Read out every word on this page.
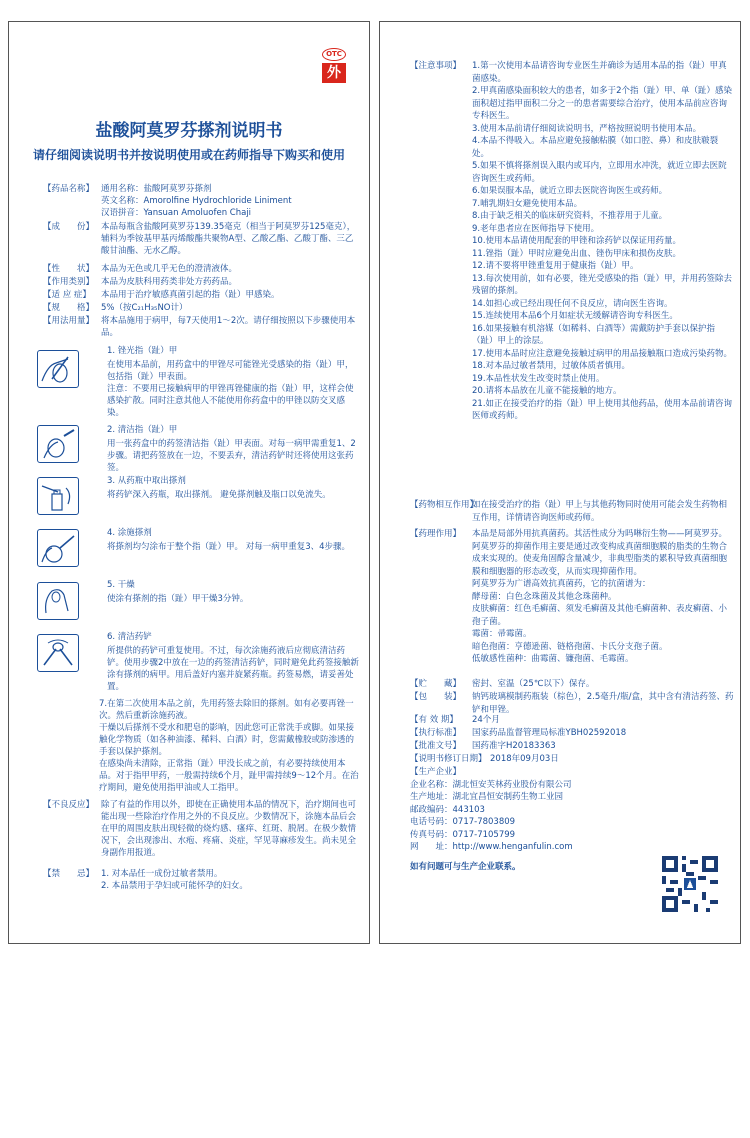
OTC
外
盐酸阿莫罗芬搽剂说明书
请仔细阅读说明书并按说明使用或在药师指导下购买和使用
【 药品名称 】	通用名称：盐酸阿莫罗芬搽剂

英文名称：Amorolfine Hydrochloride Liniment

汉语拼音：Yansuan Amoluofen Chaji

【 成　　份 】	本品每瓶含盐酸阿莫罗芬139.35毫克（相当于阿莫罗芬125毫克），辅料为季铵基甲基丙烯酸酯共聚物A型、乙酸乙酯、乙酸丁酯、三乙酸甘油酯、无水乙醇。

【 性　　状 】	本品为无色或几乎无色的澄清液体。

【 作用类别 】	本品为皮肤科用药类非处方药药品。

【 适 应 症 】	本品用于治疗敏感真菌引起的指（趾）甲感染。

【 规　　格 】	5%（按C₂₁H₃₅NO计）

【 用法用量 】	将本品施用于病甲，每7天使用1～2次。请仔细按照以下步骤使用本品。

1. 锉光指（趾）甲

在使用本品前，用药盒中的甲锉尽可能锉光受感染的指（趾）甲，包括指（趾）甲表面。
注意：不要用已接触病甲的甲锉再锉健康的指（趾）甲，这样会使感染扩散。同时注意其他人不能使用你药盒中的甲锉以防交叉感染。

2. 清洁指（趾）甲

用一张药盒中的药签清洁指（趾）甲表面。对每一病甲需重复1、2步骤。请把药签放在一边，不要丢弃，清洁药铲时还将使用这张药签。

3. 从药瓶中取出搽剂

将药铲深入药瓶，取出搽剂。 避免搽剂触及瓶口以免流失。

4. 涂施搽剂

将搽剂均匀涂布于整个指（趾）甲。 对每一病甲重复3、4步骤。

5. 干燥

使涂有搽剂的指（趾）甲干燥3分钟。

6. 清洁药铲

所提供的药铲可重复使用。不过，每次涂施药液后应彻底清洁药铲。使用步骤2中放在一边的药签清洁药铲，同时避免此药签接触新涂有搽剂的病甲。用后盖好内塞并旋紧药瓶。药签易燃，请妥善处置。

7.在第二次使用本品之前，先用药签去除旧的搽剂。如有必要再锉一次。然后重新涂施药液。

干燥以后搽剂不受水和肥皂的影响，因此您可正常洗手或脚。如果接触化学物质（如各种油漆、稀料、白酒）时，您需戴橡胶或防渗透的手套以保护搽剂。

在感染尚未清除，正常指（趾）甲没长成之前，有必要持续使用本品。对于指甲甲药，一般需持续6个月，趾甲需持续9～12个月。在治疗期间，避免使用指甲油或人工指甲。

【 不良反应 】	除了有益的作用以外，即使在正确使用本品的情况下，治疗期间也可能出现一些除治疗作用之外的不良反应。少数情况下，涂施本品后会在甲的周围皮肤出现轻微的烧灼感、瘙痒、红斑、脱屑。在极少数情况下，会出现渗出、水疱、疼痛、炎症，罕见荨麻疹发生。尚未见全身副作用报道。

【 禁　　忌 】	1. 对本品任一成份过敏者禁用。

2. 本品禁用于孕妇或可能怀孕的妇女。

【 注意事项 】	1.第一次使用本品请咨询专业医生并确诊为适用本品的指（趾）甲真菌感染。

2.甲真菌感染面积较大的患者，如多于2个指（趾）甲、单（趾）感染面积超过指甲面积二分之一的患者需要综合治疗，使用本品前应咨询专科医生。

3.使用本品前请仔细阅读说明书，严格按照说明书使用本品。

4.本品不得吸入。本品应避免接触粘膜（如口腔、鼻）和皮肤皲裂处。

5.如果不慎将搽剂误入眼内或耳内，立即用水冲洗，就近立即去医院咨询医生或药师。

6.如果误服本品，就近立即去医院咨询医生或药师。

7.哺乳期妇女避免使用本品。

8.由于缺乏相关的临床研究资料，不推荐用于儿童。

9.老年患者应在医师指导下使用。

10.使用本品请使用配套的甲锉和涂药铲以保证用药量。

11.锉指（趾）甲时应避免出血、锉伤甲床和损伤皮肤。

12.请不要将甲锉重复用于健康指（趾）甲。

13.每次使用前，如有必要，锉光受感染的指（趾）甲，并用药签除去残留的搽剂。

14.如担心或已经出现任何不良反应，请向医生咨询。

15.连续使用本品6个月如症状无缓解请咨询专科医生。

16.如果接触有机溶媒（如稀料、白酒等）需戴防护手套以保护指（趾）甲上的涂层。

17.使用本品时应注意避免接触过病甲的用品接触瓶口造成污染药物。

18.对本品过敏者禁用，过敏体质者慎用。

19.本品性状发生改变时禁止使用。

20.请将本品放在儿童不能接触的地方。

21.如正在接受治疗的指（趾）甲上使用其他药品，使用本品前请咨询医师或药师。

【 药物相互作用 】 如在接受治疗的指（趾）甲上与其他药物同时使用可能会发生药物相互作用，详情请咨询医师或药师。

【 药理作用 】	本品是局部外用抗真菌药。其活性成分为吗啉衍生物——阿莫罗芬。阿莫罗芬的抑菌作用主要是通过改变构成真菌细胞膜的脂类的生物合成来实现的。使麦角固醇含量减少，非典型脂类的累积导致真菌细胞膜和细胞器的形态改变，从而实现抑菌作用。

阿莫罗芬为广谱高效抗真菌药，它的抗菌谱为：

酵母菌：白色念珠菌及其他念珠菌种。

皮肤癣菌：红色毛癣菌、须发毛癣菌及其他毛癣菌种、表皮癣菌、小孢子菌。

霉菌：帚霉菌。

暗色孢菌：亨德逊菌、链格孢菌、卡氏分支孢子菌。

低敏感性菌种：曲霉菌、镰孢菌、毛霉菌。

【 贮　　藏 】	密封、室温（25℃以下）保存。

【 包　　装 】	钠钙玻璃模制药瓶装（棕色），2.5毫升/瓶/盒，其中含有清洁药签、药铲和甲锉。

【 有 效 期 】	24个月

【 执行标准 】	国家药品监督管理局标准YBH02592018

【 批准文号 】	国药准字H20183363

【 说明书修订日期 】	2018年09月03日

【 生产企业 】

企业名称：湖北恒安芙林药业股份有限公司

生产地址：湖北宜昌恒安制药生物工业园

邮政编码：443103

电话号码：0717-7803809

传真号码：0717-7105799

网　　址：http://www.henganfulin.com

如有问题可与生产企业联系。
